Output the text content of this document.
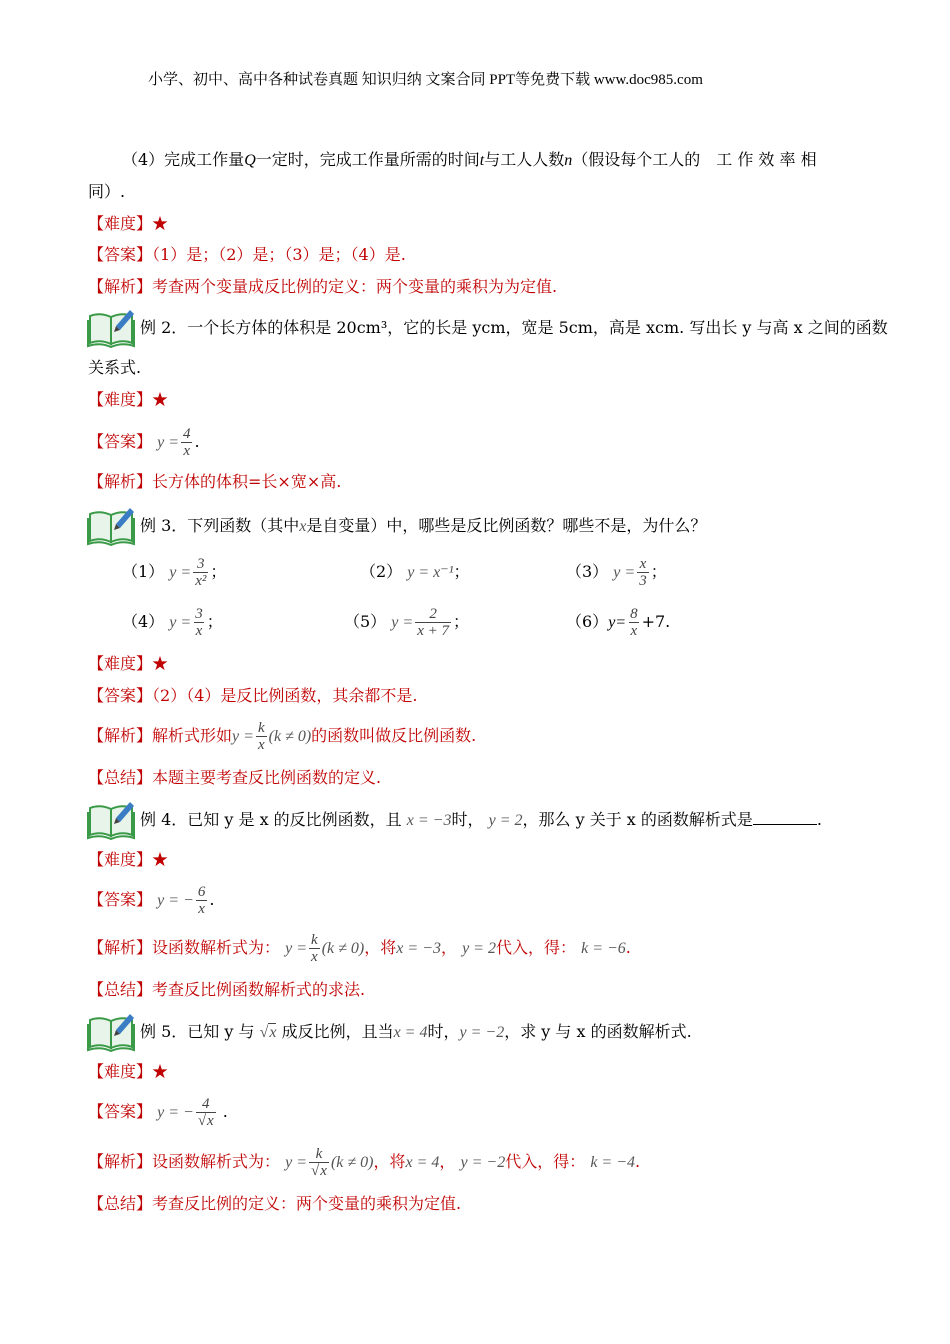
小学、初中、高中各种试卷真题 知识归纳 文案合同 PPT等免费下载 www.doc985.com
（4）完成工作量Q一定时，完成工作量所需的时间t与工人人数n（假设每个工人的　工 作 效 率 相
同）.
【难度】★
【答案】（1）是；（2）是；（3）是；（4）是.
【解析】考查两个变量成反比例的定义：两个变量的乘积为为定值.
例 2．一个长方体的体积是 20cm³，它的长是 ycm，宽是 5cm，高是 xcm. 写出长 y 与高 x 之间的函数
关系式.
【难度】★
【答案】 $y = \frac{4}{x}$ .
【解析】长方体的体积=长×宽×高.
例 3．下列函数（其中x是自变量）中，哪些是反比例函数？哪些不是，为什么？
（1） $y = \frac{3}{\text{x²}}$ ；	（2） y = x⁻¹；	（3） $y = \frac{x}{3}$ ；
（4） $y = \frac{3}{x}$ ；	（5） $y = \frac{2}{x + 7}$ ；	$(6)y= \frac{8}{x} +7$.
【难度】★
【答案】（2）（4）是反比例函数，其余都不是.
【解析】解析式形如$y = \frac{k}{x} (k \ne 0)$的函数叫做反比例函数.
【总结】本题主要考查反比例函数的定义.
例 4．已知 y 是 x 的反比例函数，且 x = −3时， y = 2，那么 y 关于 x 的函数解析式是	.
【难度】★
【答案】 y = − $\frac{6}{x}$ .
【解析】设函数解析式为： $y = \frac{k}{x} (k \ne 0)$，将x = −3， y = 2代入，得： k = −6.
【总结】考查反比例函数解析式的求法.
例 5．已知 y 与 √x 成反比例，且当x = 4时，y = −2，求 y 与 x 的函数解析式.
【难度】★
【答案】 y = − $\frac{4}{√x}$ .
【解析】设函数解析式为： $y = \frac{k}{√x} (k \ne 0)$，将x = 4， y = −2代入，得： k = −4.
【总结】考查反比例的定义：两个变量的乘积为定值.
